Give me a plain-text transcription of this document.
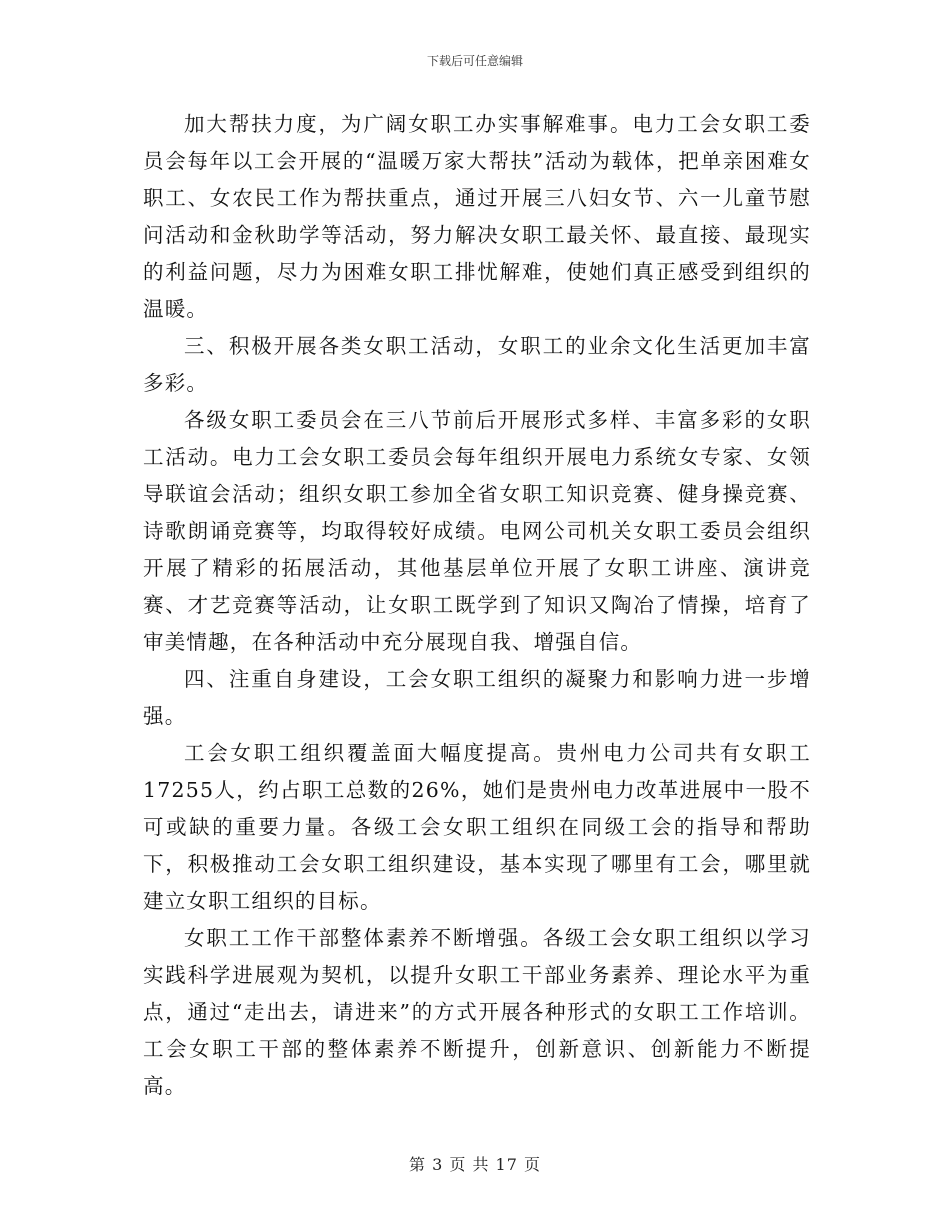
下载后可任意编辑

加大帮扶力度，为广阔女职工办实事解难事。电力工会女职工委员会每年以工会开展的“温暖万家大帮扶”活动为载体，把单亲困难女职工、女农民工作为帮扶重点，通过开展三八妇女节、六一儿童节慰问活动和金秋助学等活动，努力解决女职工最关怀、最直接、最现实的利益问题，尽力为困难女职工排忧解难，使她们真正感受到组织的温暖。

三、积极开展各类女职工活动，女职工的业余文化生活更加丰富多彩。

各级女职工委员会在三八节前后开展形式多样、丰富多彩的女职工活动。电力工会女职工委员会每年组织开展电力系统女专家、女领导联谊会活动；组织女职工参加全省女职工知识竞赛、健身操竞赛、诗歌朗诵竞赛等，均取得较好成绩。电网公司机关女职工委员会组织开展了精彩的拓展活动，其他基层单位开展了女职工讲座、演讲竞赛、才艺竞赛等活动，让女职工既学到了知识又陶冶了情操，培育了审美情趣，在各种活动中充分展现自我、增强自信。

四、注重自身建设，工会女职工组织的凝聚力和影响力进一步增强。

工会女职工组织覆盖面大幅度提高。贵州电力公司共有女职工17255人，约占职工总数的26%，她们是贵州电力改革进展中一股不可或缺的重要力量。各级工会女职工组织在同级工会的指导和帮助下，积极推动工会女职工组织建设，基本实现了哪里有工会，哪里就建立女职工组织的目标。

女职工工作干部整体素养不断增强。各级工会女职工组织以学习实践科学进展观为契机，以提升女职工干部业务素养、理论水平为重点，通过“走出去，请进来”的方式开展各种形式的女职工工作培训。工会女职工干部的整体素养不断提升，创新意识、创新能力不断提高。

第 3 页 共 17 页
